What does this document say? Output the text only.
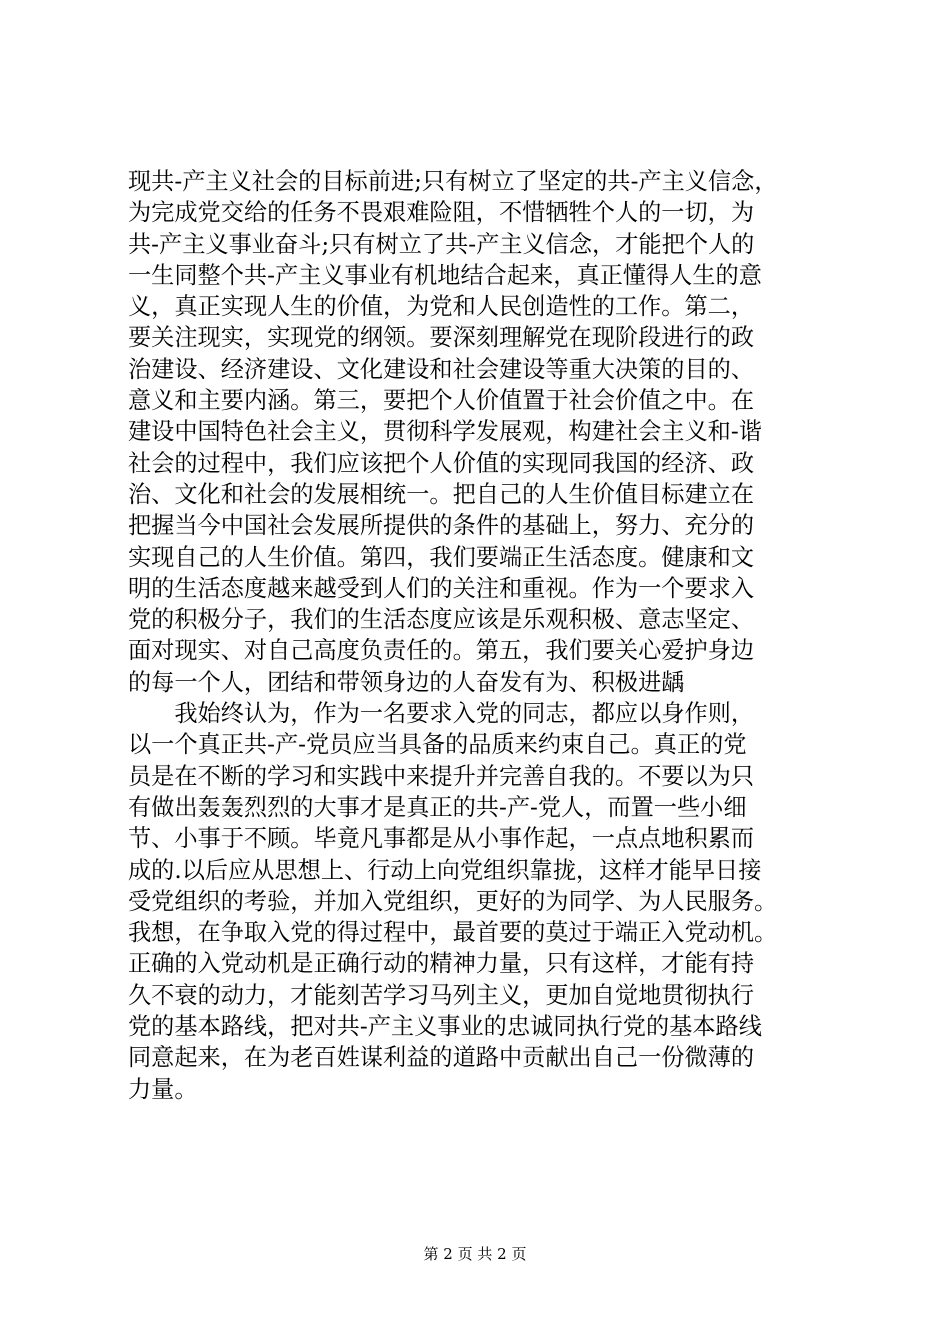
现共-产主义社会的目标前进;只有树立了坚定的共-产主义信念，
为完成党交给的任务不畏艰难险阻，不惜牺牲个人的一切，为
共-产主义事业奋斗;只有树立了共-产主义信念，才能把个人的
一生同整个共-产主义事业有机地结合起来，真正懂得人生的意
义，真正实现人生的价值，为党和人民创造性的工作。第二，
要关注现实，实现党的纲领。要深刻理解党在现阶段进行的政
治建设、经济建设、文化建设和社会建设等重大决策的目的、
意义和主要内涵。第三，要把个人价值置于社会价值之中。在
建设中国特色社会主义，贯彻科学发展观，构建社会主义和-谐
社会的过程中，我们应该把个人价值的实现同我国的经济、政
治、文化和社会的发展相统一。把自己的人生价值目标建立在
把握当今中国社会发展所提供的条件的基础上，努力、充分的
实现自己的人生价值。第四，我们要端正生活态度。健康和文
明的生活态度越来越受到人们的关注和重视。作为一个要求入
党的积极分子，我们的生活态度应该是乐观积极、意志坚定、
面对现实、对自己高度负责任的。第五，我们要关心爱护身边
的每一个人，团结和带领身边的人奋发有为、积极进龋
　　我始终认为，作为一名要求入党的同志，都应以身作则，
以一个真正共-产-党员应当具备的品质来约束自己。真正的党
员是在不断的学习和实践中来提升并完善自我的。不要以为只
有做出轰轰烈烈的大事才是真正的共-产-党人，而置一些小细
节、小事于不顾。毕竟凡事都是从小事作起，一点点地积累而
成的.以后应从思想上、行动上向党组织靠拢，这样才能早日接
受党组织的考验，并加入党组织，更好的为同学、为人民服务。
我想，在争取入党的得过程中，最首要的莫过于端正入党动机。
正确的入党动机是正确行动的精神力量，只有这样，才能有持
久不衰的动力，才能刻苦学习马列主义，更加自觉地贯彻执行
党的基本路线，把对共-产主义事业的忠诚同执行党的基本路线
同意起来，在为老百姓谋利益的道路中贡献出自己一份微薄的
力量。
第 2 页 共 2 页
